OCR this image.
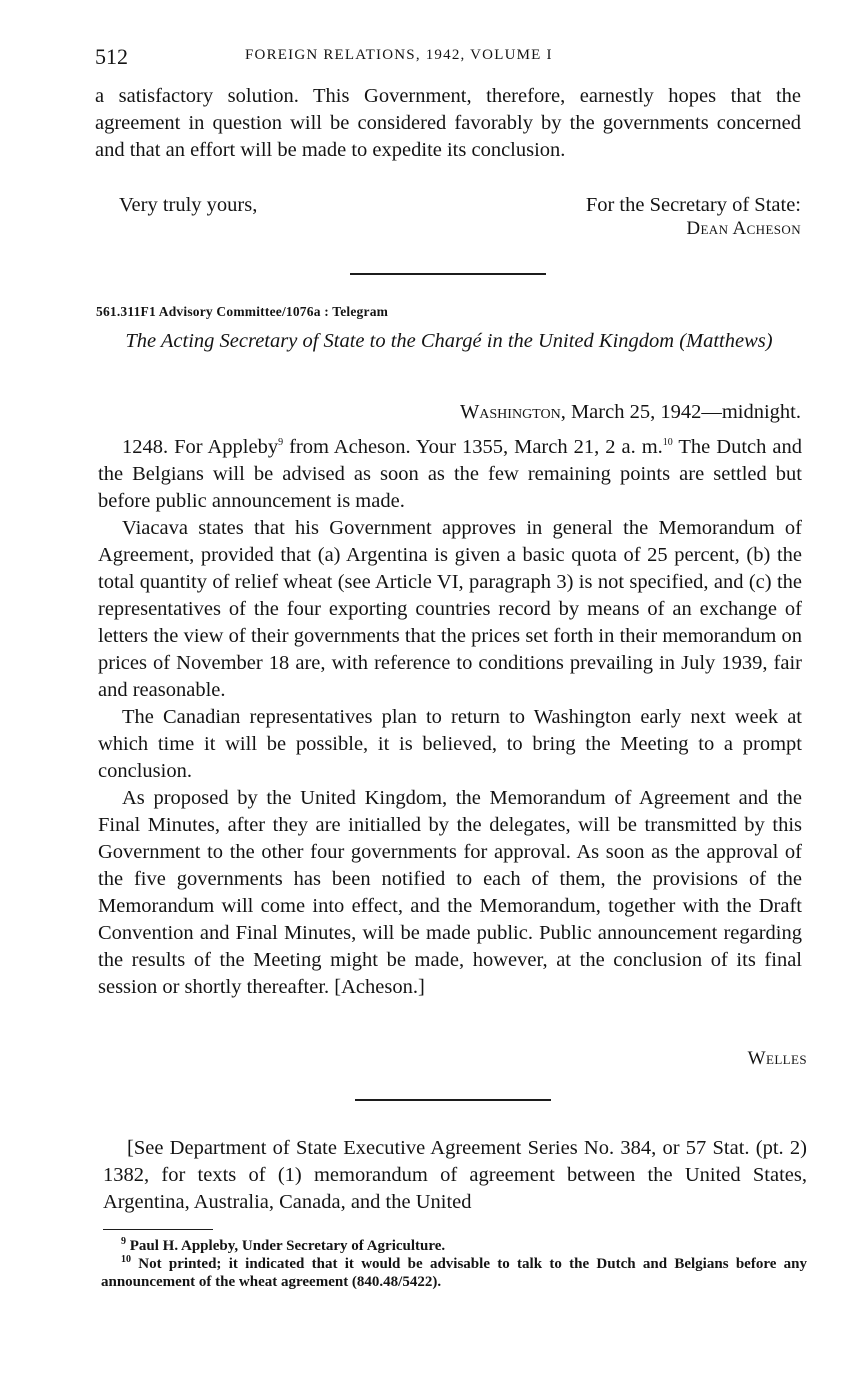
512	FOREIGN RELATIONS, 1942, VOLUME I

a satisfactory solution. This Government, therefore, earnestly hopes that the agreement in question will be considered favorably by the governments concerned and that an effort will be made to expedite its conclusion.

Very truly yours,	For the Secretary of State:
Dean Acheson
561.311F1 Advisory Committee/1076a : Telegram
The Acting Secretary of State to the Chargé in the United Kingdom (Matthews)
Washington, March 25, 1942—midnight.

1248. For Appleby$^9$ from Acheson. Your 1355, March 21, 2 a. m.$^{10}$ The Dutch and the Belgians will be advised as soon as the few remaining points are settled but before public announcement is made.

Viacava states that his Government approves in general the Memorandum of Agreement, provided that (a) Argentina is given a basic quota of 25 percent, (b) the total quantity of relief wheat (see Article VI, paragraph 3) is not specified, and (c) the representatives of the four exporting countries record by means of an exchange of letters the view of their governments that the prices set forth in their memorandum on prices of November 18 are, with reference to conditions prevailing in July 1939, fair and reasonable.

The Canadian representatives plan to return to Washington early next week at which time it will be possible, it is believed, to bring the Meeting to a prompt conclusion.

As proposed by the United Kingdom, the Memorandum of Agreement and the Final Minutes, after they are initialled by the delegates, will be transmitted by this Government to the other four governments for approval. As soon as the approval of the five governments has been notified to each of them, the provisions of the Memorandum will come into effect, and the Memorandum, together with the Draft Convention and Final Minutes, will be made public. Public announcement regarding the results of the Meeting might be made, however, at the conclusion of its final session or shortly thereafter. [Acheson.]

Welles

[See Department of State Executive Agreement Series No. 384, or 57 Stat. (pt. 2) 1382, for texts of (1) memorandum of agreement between the United States, Argentina, Australia, Canada, and the United

$^9$ Paul H. Appleby, Under Secretary of Agriculture.

$^{10}$ Not printed; it indicated that it would be advisable to talk to the Dutch and Belgians before any announcement of the wheat agreement (840.48/5422).
